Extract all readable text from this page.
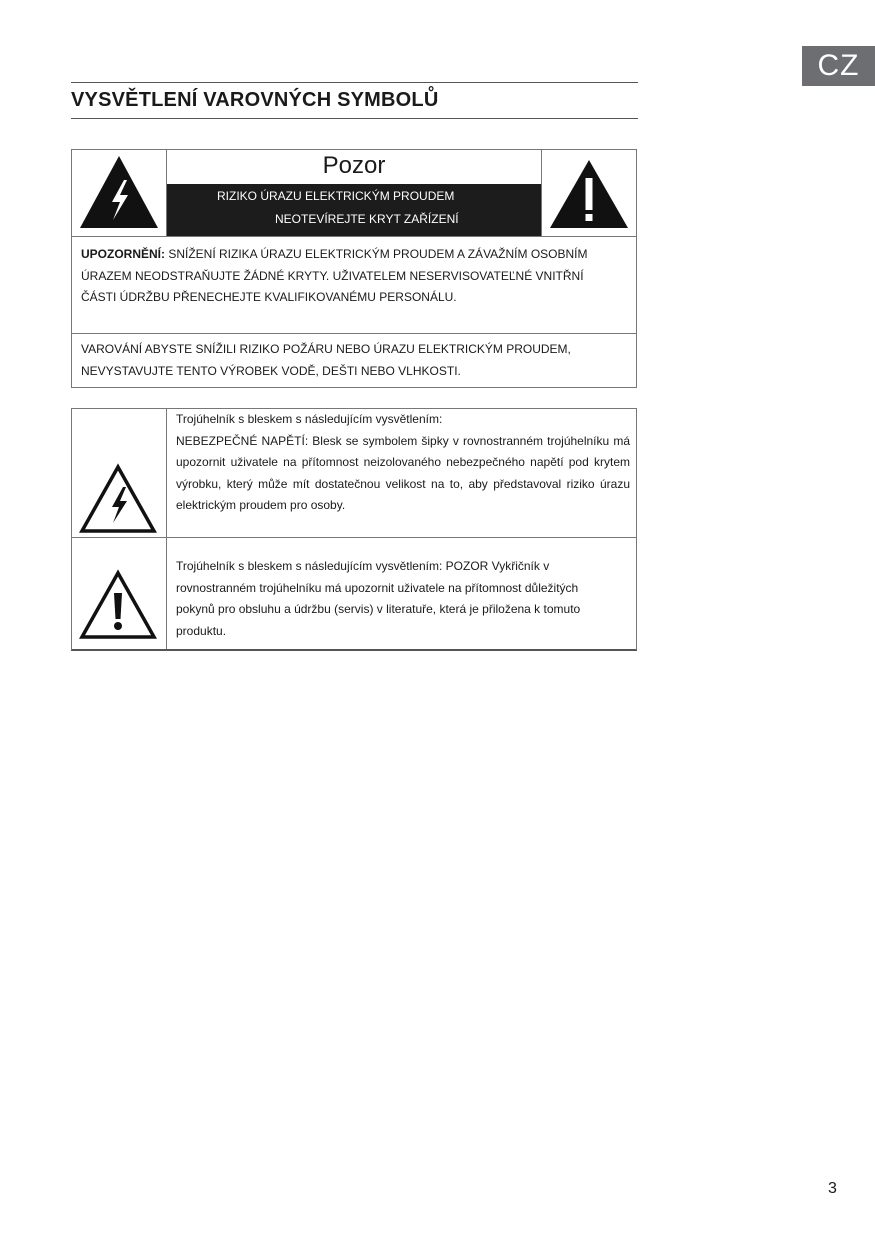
CZ
VYSVĚTLENÍ VAROVNÝCH SYMBOLŮ
Pozor
RIZIKO ÚRAZU ELEKTRICKÝM PROUDEM
NEOTEVÍREJTE KRYT ZAŘÍZENÍ
UPOZORNĚNÍ: SNÍŽENÍ RIZIKA ÚRAZU ELEKTRICKÝM PROUDEM A ZÁVAŽNÍM OSOBNÍM ÚRAZEM NEODSTRAŇUJTE ŽÁDNÉ KRYTY. UŽIVATELEM NESERVISOVATEĽNÉ VNITŘNÍ ČÁSTI ÚDRŽBU PŘENECHEJTE KVALIFIKOVANÉMU PERSONÁLU.
VAROVÁNÍ ABYSTE SNÍŽILI RIZIKO POŽÁRU NEBO ÚRAZU ELEKTRICKÝM PROUDEM, NEVYSTAVUJTE TENTO VÝROBEK VODĚ, DEŠTI NEBO VLHKOSTI.
Trojúhelník s bleskem s následujícím vysvětlením:
NEBEZPEČNÉ NAPĚTÍ: Blesk se symbolem šipky v rovnostranném trojúhelníku má upozornit uživatele na přítomnost neizolovaného nebezpečného napětí pod krytem výrobku, který může mít dostatečnou velikost na to, aby představoval riziko úrazu elektrickým proudem pro osoby.
Trojúhelník s bleskem s následujícím vysvětlením: POZOR Vykřičník v rovnostranném trojúhelníku má upozornit uživatele na přítomnost důležitých pokynů pro obsluhu a údržbu (servis) v literatuře, která je přiložena k tomuto produktu.
3
